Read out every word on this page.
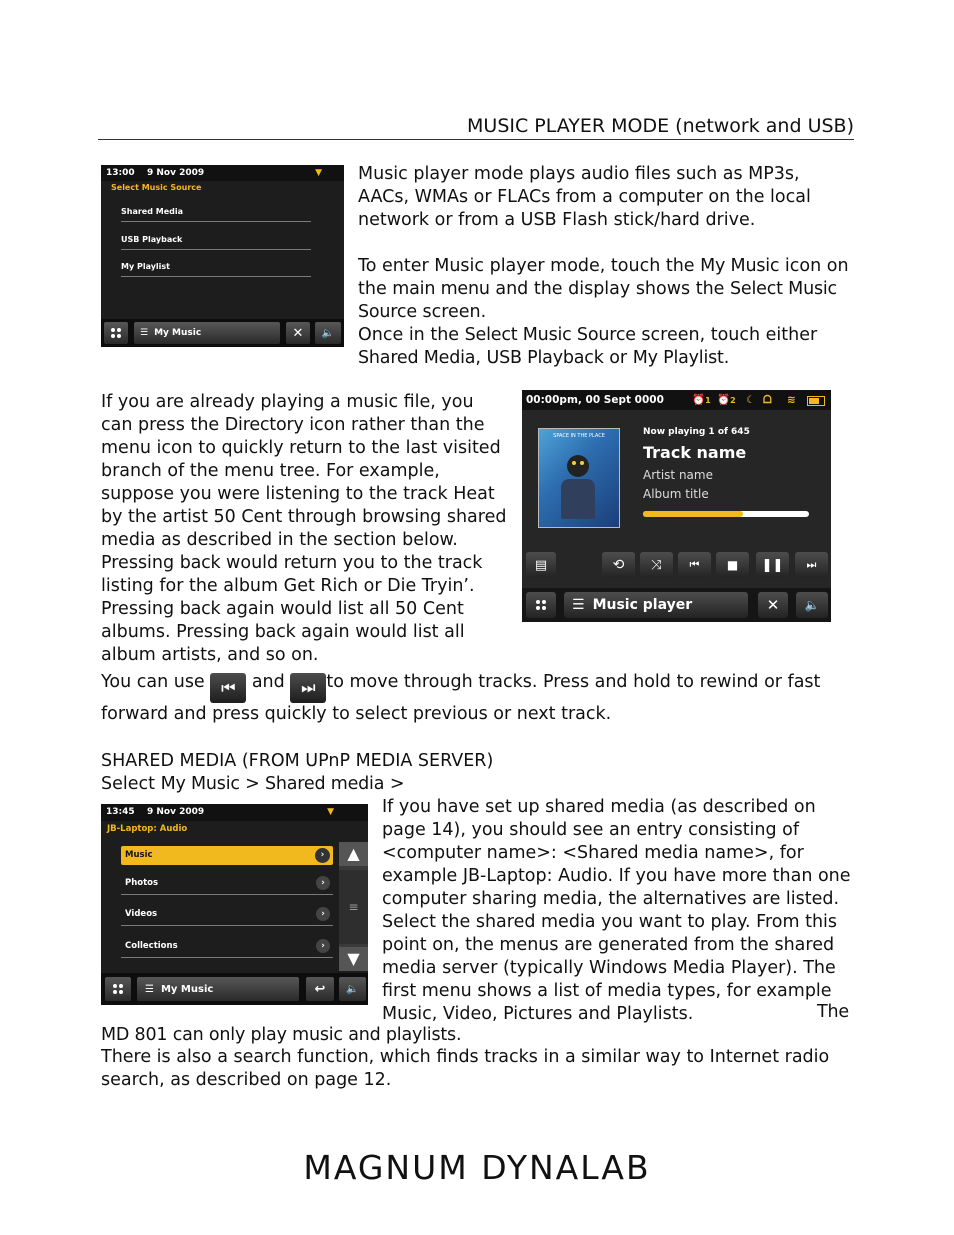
MUSIC PLAYER MODE (network and USB)
13:00 9 Nov 2009	▼
Select Music Source
Shared Media
USB Playback
My Playlist
☰ My Music	✕	🔈

Music player mode plays audio files such as MP3s, AACs, WMAs or FLACs from a computer on the local network or from a USB Flash stick/hard drive.

To enter Music player mode, touch the My Music icon on the main menu and the display shows the Select Music Source screen.

Once in the Select Music Source screen, touch either Shared Media, USB Playback or My Playlist.

If you are already playing a music file, you can press the Directory icon rather than the menu icon to quickly return to the last visited branch of the menu tree. For example, suppose you were listening to the track Heat by the artist 50 Cent through browsing shared media as described in the section below. Pressing back would return you to the track listing for the album Get Rich or Die Tryin’. Pressing back again would list all 50 Cent albums. Pressing back again would list all album artists, and so on.
00:00pm, 00 Sept 0000	⏰1 ⏰2 ☾ ᗝ ≋
SPACE IN THE PLACE	Now playing 1 of 645
Track name
Artist name
Album title
▤	⟲	⤨	⏮	■	❚❚	⏭
☰ Music player	✕	🔈
You can use ⏮ and ⏭ to move through tracks. Press and hold to rewind or fast forward and press quickly to select previous or next track.
SHARED MEDIA (FROM UPnP MEDIA SERVER)
Select My Music > Shared media >
13:45 9 Nov 2009	▼
JB-Laptop: Audio
Music	›
Photos	›
Videos	›
Collections	›
▲
≡
▼
☰ My Music	↩	🔈
If you have set up shared media (as described on page 14), you should see an entry consisting of <computer name>: <Shared media name>, for example JB-Laptop: Audio. If you have more than one computer sharing media, the alternatives are listed. Select the shared media you want to play. From this point on, the menus are generated from the shared media server (typically Windows Media Player). The first menu shows a list of media types, for example Music, Video, Pictures and Playlists.	The MD 801 can only play music and playlists.
There is also a search function, which finds tracks in a similar way to Internet radio search, as described on page 12.
MAGNUM DYNALAB
